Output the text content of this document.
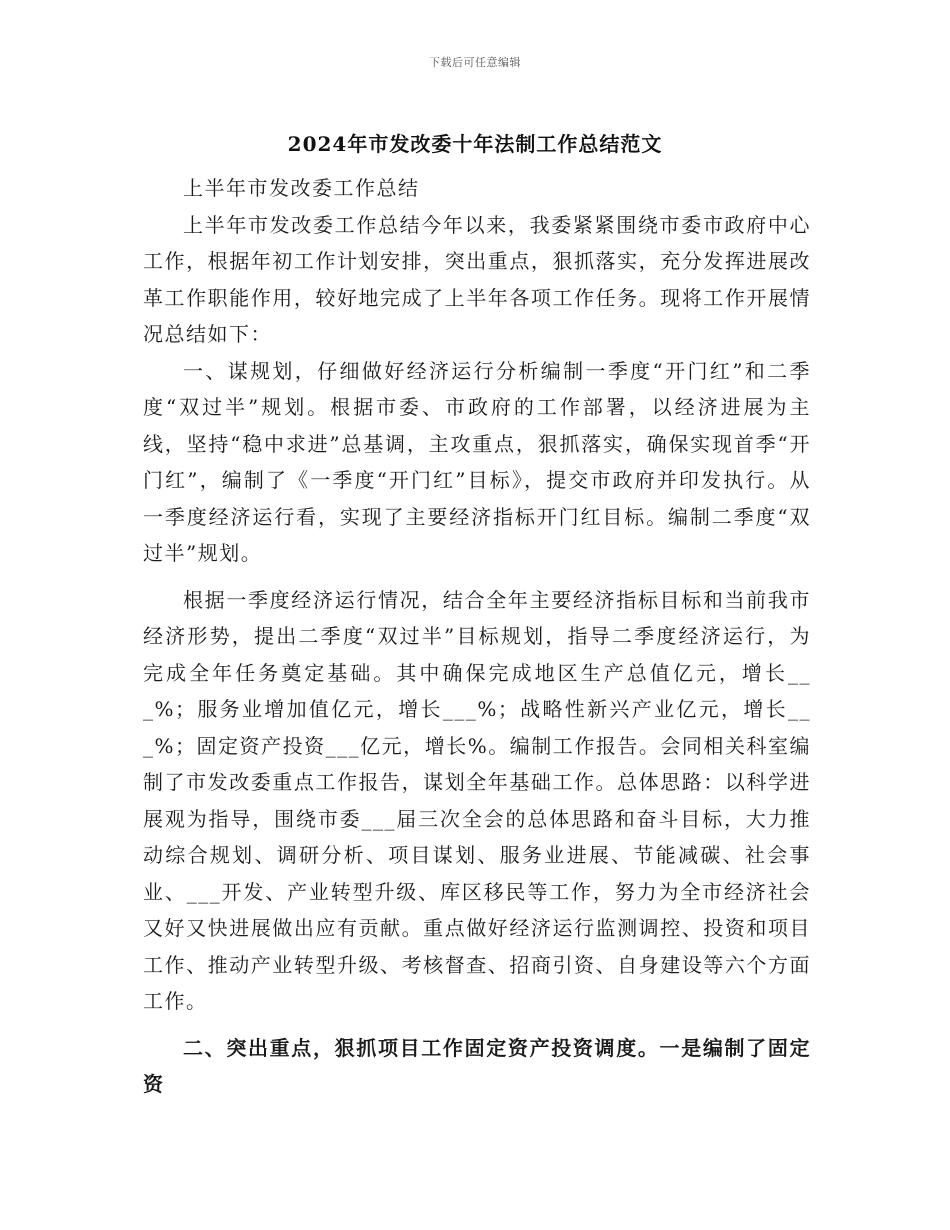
下载后可任意编辑
2024年市发改委十年法制工作总结范文

上半年市发改委工作总结

上半年市发改委工作总结今年以来，我委紧紧围绕市委市政府中心工作，根据年初工作计划安排，突出重点，狠抓落实，充分发挥进展改革工作职能作用，较好地完成了上半年各项工作任务。现将工作开展情况总结如下：

一、谋规划，仔细做好经济运行分析编制一季度“开门红”和二季度“双过半”规划。根据市委、市政府的工作部署，以经济进展为主线，坚持“稳中求进”总基调，主攻重点，狠抓落实，确保实现首季“开门红”，编制了《一季度“开门红”目标》，提交市政府并印发执行。从一季度经济运行看，实现了主要经济指标开门红目标。编制二季度“双过半”规划。

根据一季度经济运行情况，结合全年主要经济指标目标和当前我市经济形势，提出二季度“双过半”目标规划，指导二季度经济运行，为完成全年任务奠定基础。其中确保完成地区生产总值亿元，增长___%；服务业增加值亿元，增长___%；战略性新兴产业亿元，增长___%；固定资产投资___亿元，增长%。编制工作报告。会同相关科室编制了市发改委重点工作报告，谋划全年基础工作。总体思路：以科学进展观为指导，围绕市委___届三次全会的总体思路和奋斗目标，大力推动综合规划、调研分析、项目谋划、服务业进展、节能减碳、社会事业、___开发、产业转型升级、库区移民等工作，努力为全市经济社会又好又快进展做出应有贡献。重点做好经济运行监测调控、投资和项目工作、推动产业转型升级、考核督查、招商引资、自身建设等六个方面工作。

二、突出重点，狠抓项目工作固定资产投资调度。一是编制了固定资
